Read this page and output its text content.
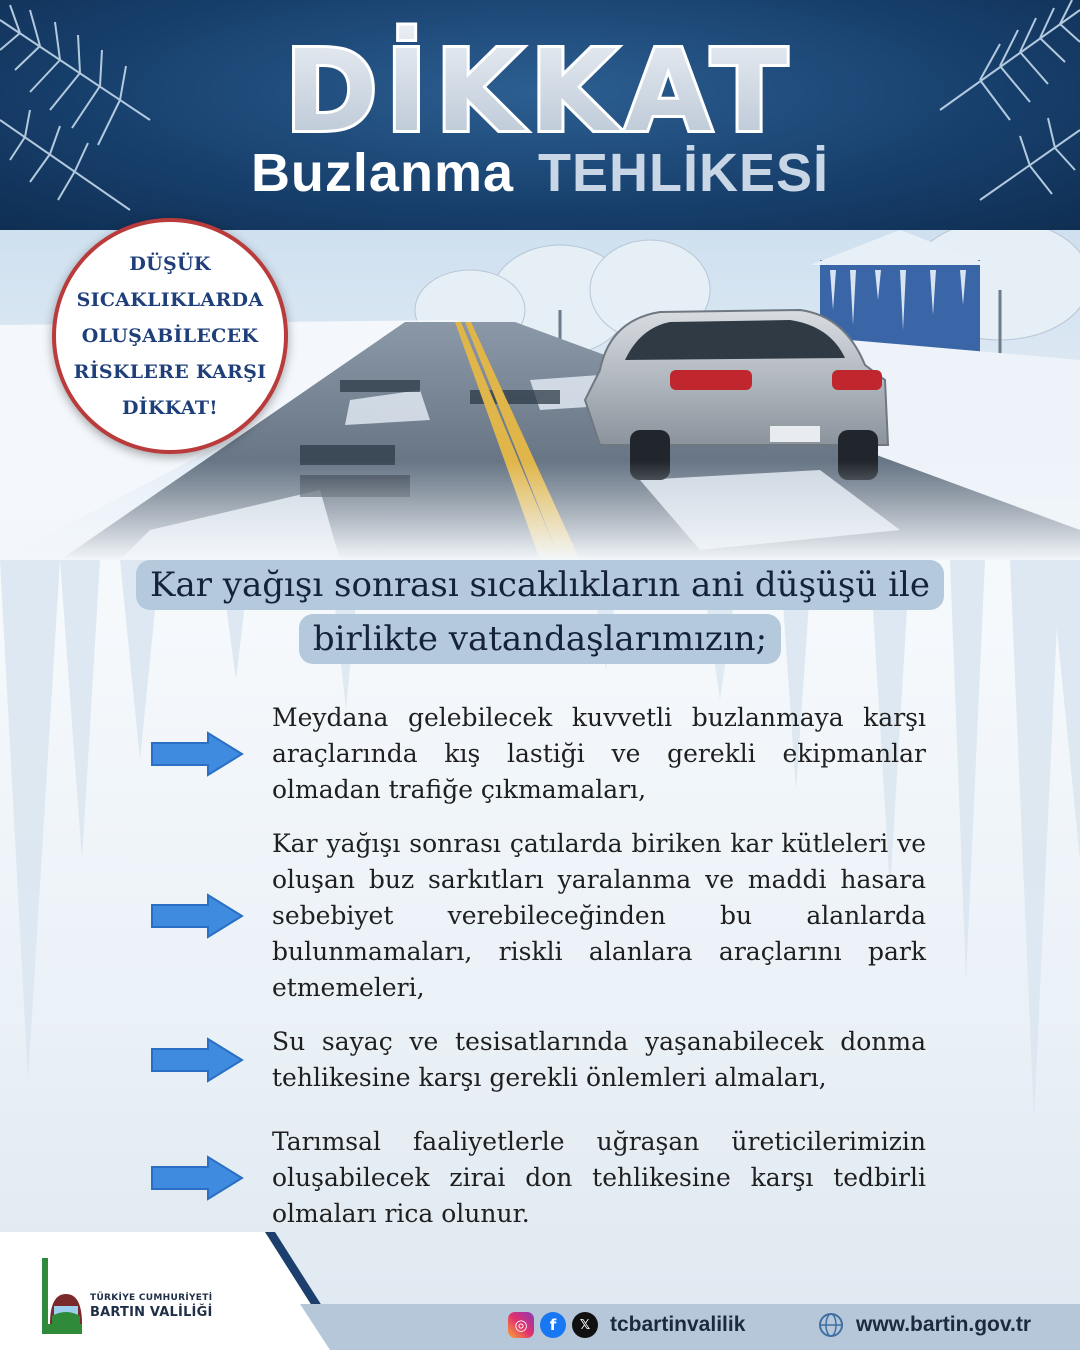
DİKKAT
Buzlanma TEHLİKESİ
DÜŞÜK
SICAKLIKLARDA
OLUŞABİLECEK
RİSKLERE KARŞI
DİKKAT!
Kar yağışı sonrası sıcaklıkların ani düşüşü ile
birlikte vatandaşlarımızın;
Meydana gelebilecek kuvvetli buzlanmaya karşı araçlarında kış lastiği ve gerekli ekipmanlar olmadan trafiğe çıkmamaları,
Kar yağışı sonrası çatılarda biriken kar kütleleri ve oluşan buz sarkıtları yaralanma ve maddi hasara sebebiyet verebileceğinden bu alanlarda bulunmamaları, riskli alanlara araçlarını park etmemeleri,
Su sayaç ve tesisatlarında yaşanabilecek donma tehlikesine karşı gerekli önlemleri almaları,
Tarımsal faaliyetlerle uğraşan üreticilerimizin oluşabilecek zirai don tehlikesine karşı tedbirli olmaları rica olunur.
TÜRKİYE CUMHURİYETİ
BARTIN VALİLİĞİ
◎	f	𝕏 tcbartinvalilik	www.bartin.gov.tr
